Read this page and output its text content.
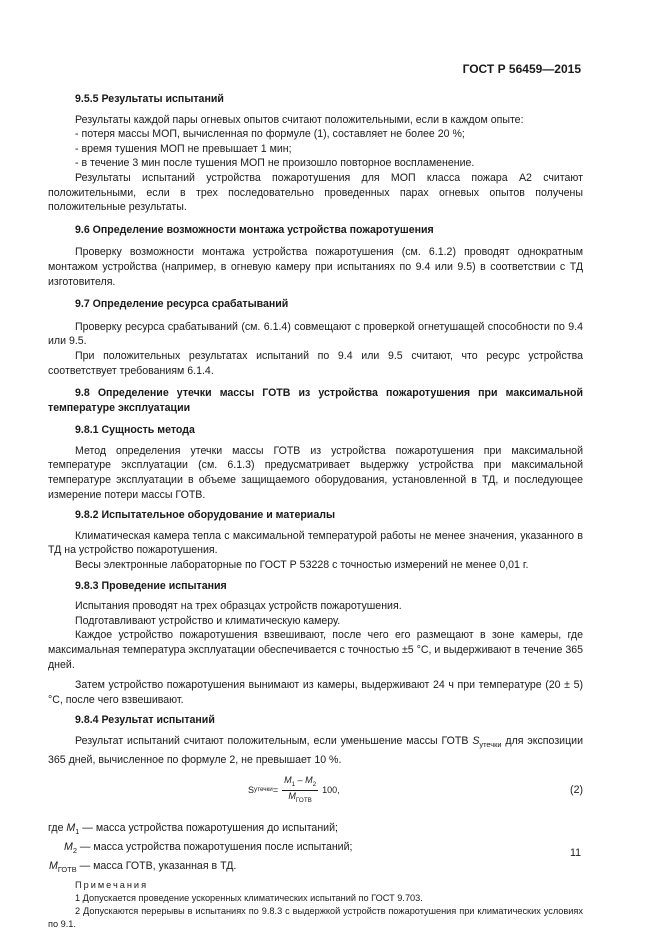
ГОСТ Р 56459—2015
9.5.5 Результаты испытаний
Результаты каждой пары огневых опытов считают положительными, если в каждом опыте:
- потеря массы МОП, вычисленная по формуле (1), составляет не более 20 %;
- время тушения МОП не превышает 1 мин;
- в течение 3 мин после тушения МОП не произошло повторное воспламенение.
Результаты испытаний устройства пожаротушения для МОП класса пожара А2 считают положительными, если в трех последовательно проведенных парах огневых опытов получены положительные результаты.
9.6 Определение возможности монтажа устройства пожаротушения
Проверку возможности монтажа устройства пожаротушения (см. 6.1.2) проводят однократным монтажом устройства (например, в огневую камеру при испытаниях по 9.4 или 9.5) в соответствии с ТД изготовителя.
9.7 Определение ресурса срабатываний
Проверку ресурса срабатываний (см. 6.1.4) совмещают с проверкой огнетушащей способности по 9.4 или 9.5.
При положительных результатах испытаний по 9.4 или 9.5 считают, что ресурс устройства соответствует требованиям 6.1.4.
9.8 Определение утечки массы ГОТВ из устройства пожаротушения при максимальной температуре эксплуатации
9.8.1 Сущность метода
Метод определения утечки массы ГОТВ из устройства пожаротушения при максимальной температуре эксплуатации (см. 6.1.3) предусматривает выдержку устройства при максимальной температуре эксплуатации в объеме защищаемого оборудования, установленной в ТД, и последующее измерение потери массы ГОТВ.
9.8.2 Испытательное оборудование и материалы
Климатическая камера тепла с максимальной температурой работы не менее значения, указанного в ТД на устройство пожаротушения.
Весы электронные лабораторные по ГОСТ Р 53228 с точностью измерений не менее 0,01 г.
9.8.3 Проведение испытания
Испытания проводят на трех образцах устройств пожаротушения.
Подготавливают устройство и климатическую камеру.
Каждое устройство пожаротушения взвешивают, после чего его размещают в зоне камеры, где максимальная температура эксплуатации обеспечивается с точностью ±5 °С, и выдерживают в течение 365 дней.
Затем устройство пожаротушения вынимают из камеры, выдерживают 24 ч при температуре (20 ± 5) °С, после чего взвешивают.
9.8.4 Результат испытаний
Результат испытаний считают положительным, если уменьшение массы ГОТВ $S_{утечки}$ для экспозиции 365 дней, вычисленное по формуле 2, не превышает 10 %.
S утечки = $\frac{M_1 - M_2}{M_{ГОТВ}} 100$,	(2)
где $M_1$ — масса устройства пожаротушения до испытаний;
$M_2$ — масса устройства пожаротушения после испытаний;
$M_{ГОТВ}$ — масса ГОТВ, указанная в ТД.
Примечания
1 Допускается проведение ускоренных климатических испытаний по ГОСТ 9.703.
2 Допускаются перерывы в испытаниях по 9.8.3 с выдержкой устройств пожаротушения при климатических условиях по 9.1.
11
